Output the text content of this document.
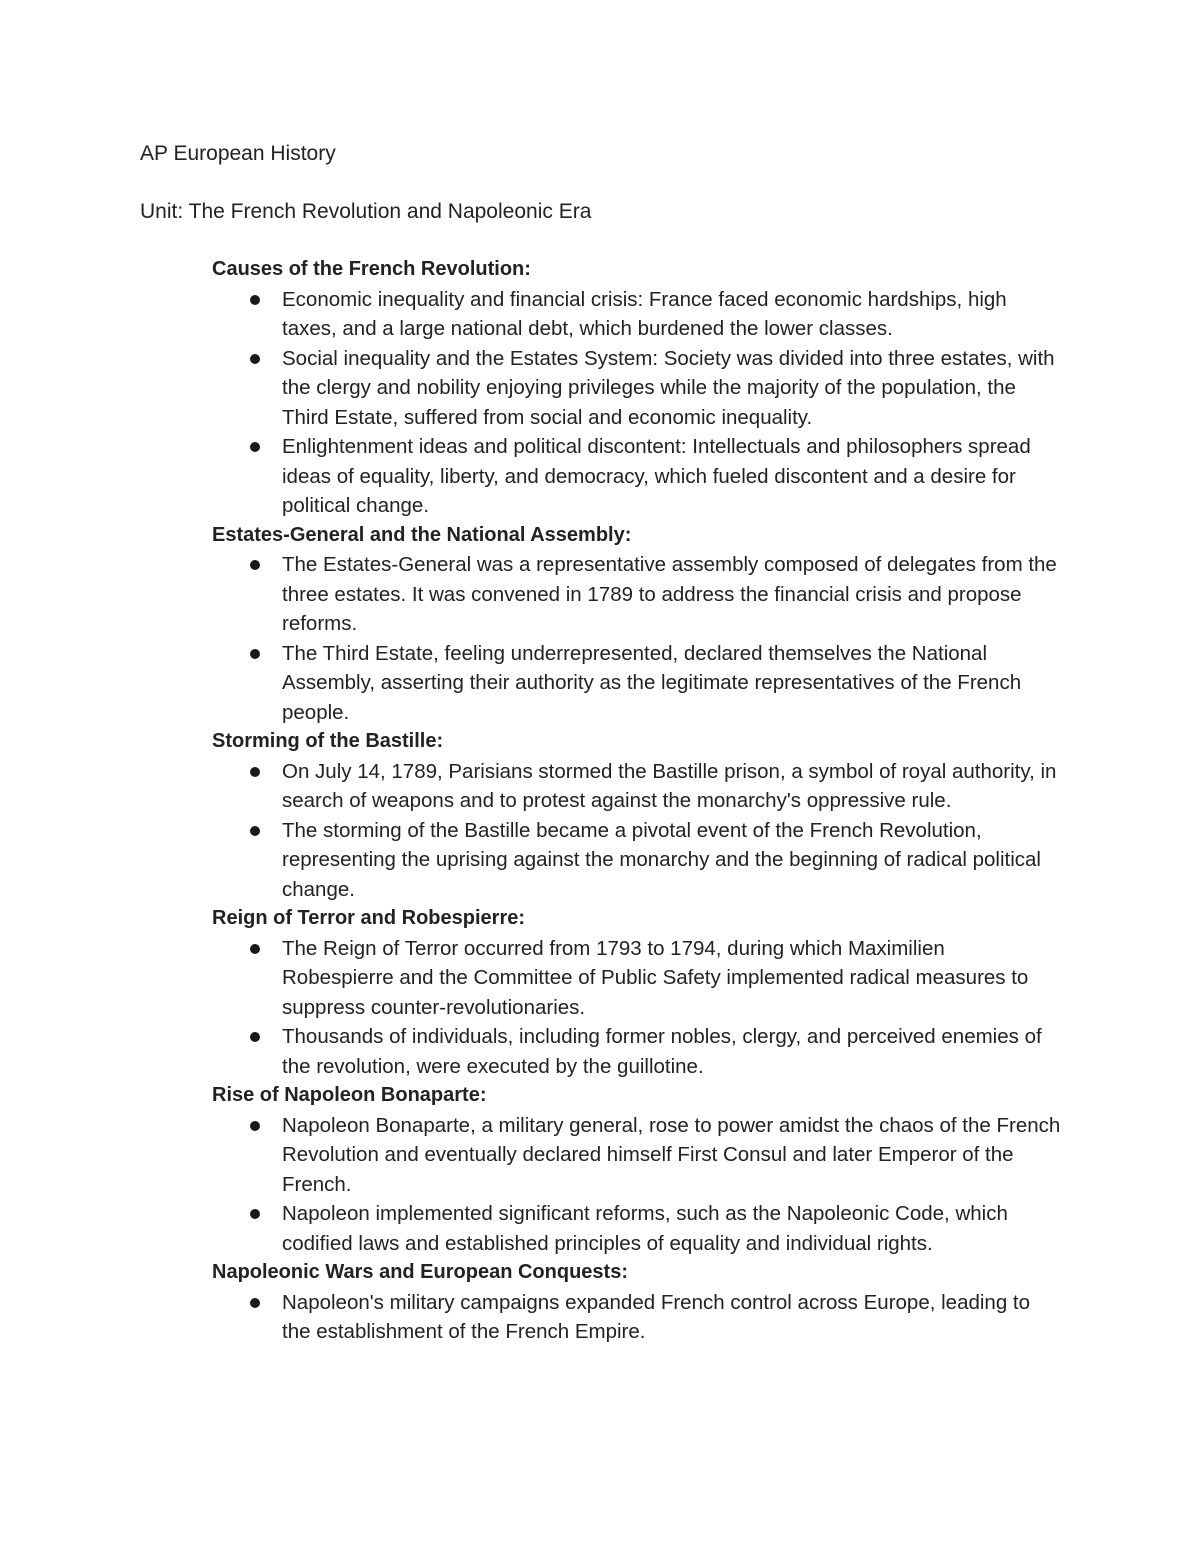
AP European History
Unit: The French Revolution and Napoleonic Era
Causes of the French Revolution:
Economic inequality and financial crisis: France faced economic hardships, high taxes, and a large national debt, which burdened the lower classes.
Social inequality and the Estates System: Society was divided into three estates, with the clergy and nobility enjoying privileges while the majority of the population, the Third Estate, suffered from social and economic inequality.
Enlightenment ideas and political discontent: Intellectuals and philosophers spread ideas of equality, liberty, and democracy, which fueled discontent and a desire for political change.
Estates-General and the National Assembly:
The Estates-General was a representative assembly composed of delegates from the three estates. It was convened in 1789 to address the financial crisis and propose reforms.
The Third Estate, feeling underrepresented, declared themselves the National Assembly, asserting their authority as the legitimate representatives of the French people.
Storming of the Bastille:
On July 14, 1789, Parisians stormed the Bastille prison, a symbol of royal authority, in search of weapons and to protest against the monarchy's oppressive rule.
The storming of the Bastille became a pivotal event of the French Revolution, representing the uprising against the monarchy and the beginning of radical political change.
Reign of Terror and Robespierre:
The Reign of Terror occurred from 1793 to 1794, during which Maximilien Robespierre and the Committee of Public Safety implemented radical measures to suppress counter-revolutionaries.
Thousands of individuals, including former nobles, clergy, and perceived enemies of the revolution, were executed by the guillotine.
Rise of Napoleon Bonaparte:
Napoleon Bonaparte, a military general, rose to power amidst the chaos of the French Revolution and eventually declared himself First Consul and later Emperor of the French.
Napoleon implemented significant reforms, such as the Napoleonic Code, which codified laws and established principles of equality and individual rights.
Napoleonic Wars and European Conquests:
Napoleon's military campaigns expanded French control across Europe, leading to the establishment of the French Empire.
